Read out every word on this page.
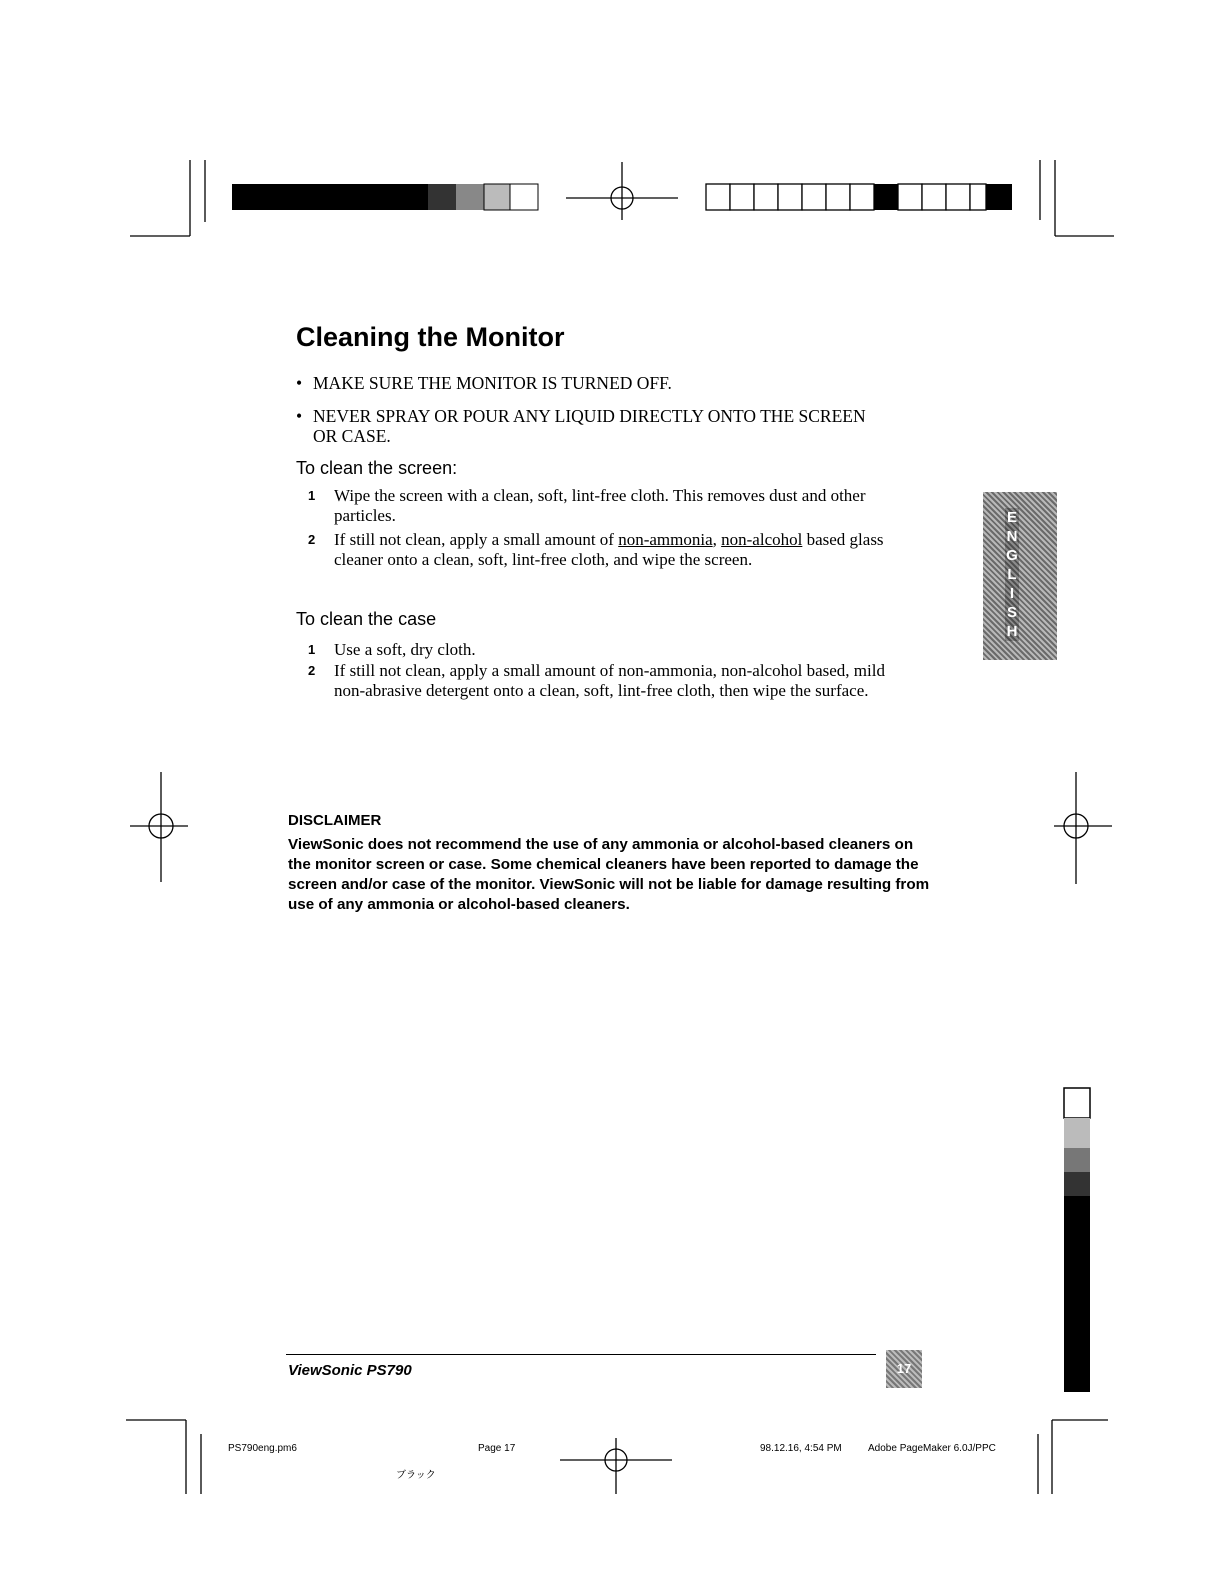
Cleaning the Monitor
• MAKE SURE THE MONITOR IS TURNED OFF.
• NEVER SPRAY OR POUR ANY LIQUID DIRECTLY ONTO THE SCREEN OR CASE.
To clean the screen:
1	Wipe the screen with a clean, soft, lint-free cloth. This removes dust and other particles.
2	If still not clean, apply a small amount of non-ammonia, non-alcohol based glass cleaner onto a clean, soft, lint-free cloth, and wipe the screen.
To clean the case
1	Use a soft, dry cloth.
2	If still not clean, apply a small amount of non-ammonia, non-alcohol based, mild non-abrasive detergent onto a clean, soft, lint-free cloth, then wipe the surface.
DISCLAIMER
ViewSonic does not recommend the use of any ammonia or alcohol-based cleaners on the monitor screen or case. Some chemical cleaners have been reported to damage the screen and/or case of the monitor. ViewSonic will not be liable for damage resulting from use of any ammonia or alcohol-based cleaners.
E
N
G
L
I
S
H
ViewSonic PS790	17
PS790eng.pm6	Page 17
ブラック
98.12.16, 4:54 PM	Adobe PageMaker 6.0J/PPC
